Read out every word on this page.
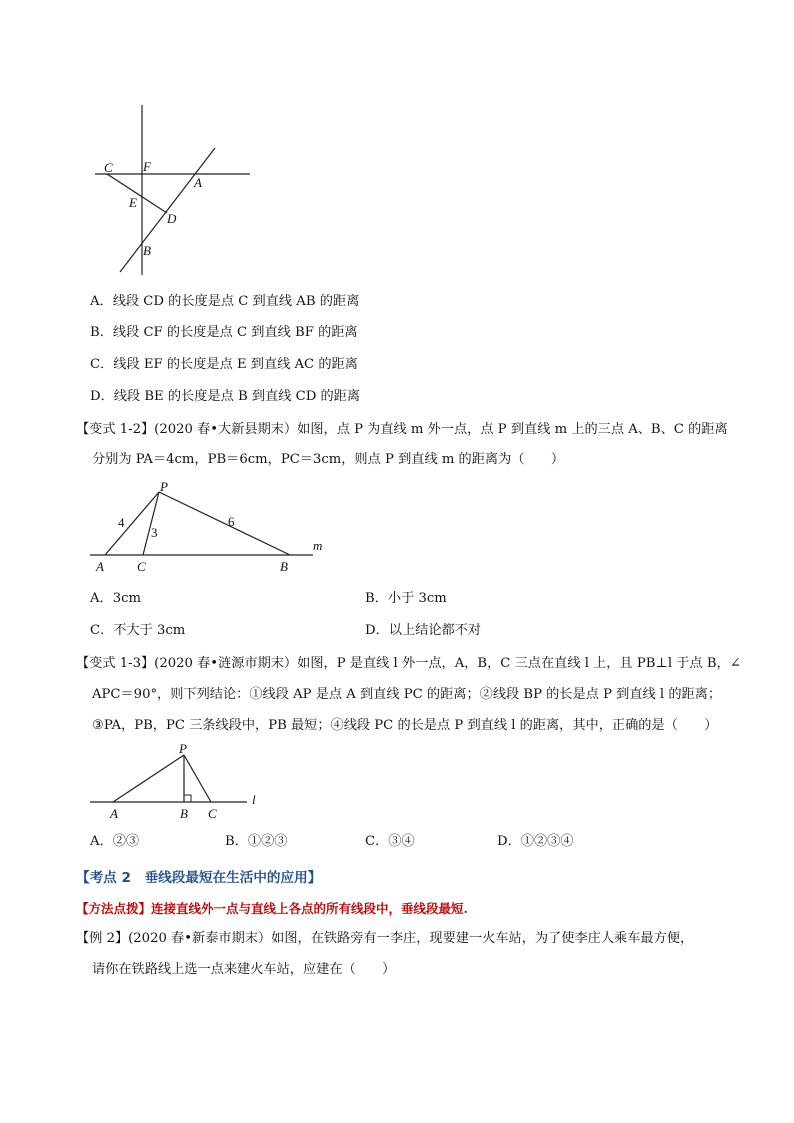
C F
A
E
D
B
A．线段 CD 的长度是点 C 到直线 AB 的距离
B．线段 CF 的长度是点 C 到直线 BF 的距离
C．线段 EF 的长度是点 E 到直线 AC 的距离
D．线段 BE 的长度是点 B 到直线 CD 的距离
【变式 1-2】(2020 春•大新县期末）如图，点 P 为直线 m 外一点，点 P 到直线 m 上的三点 A、B、C 的距离
分别为 PA＝4cm，PB＝6cm，PC＝3cm，则点 P 到直线 m 的距离为（　　）
P
A	C	B
m
4
3
6
A．3cm	B．小于 3cm
C．不大于 3cm	D．以上结论都不对
【变式 1-3】(2020 春•涟源市期末）如图，P 是直线 l 外一点，A，B，C 三点在直线 l 上，且 PB⊥l 于点 B，∠
APC＝90°，则下列结论：①线段 AP 是点 A 到直线 PC 的距离；②线段 BP 的长是点 P 到直线 l 的距离；
③PA，PB，PC 三条线段中，PB 最短；④线段 PC 的长是点 P 到直线 l 的距离，其中，正确的是（　　）
P
A	B C
l
A．②③	B．①②③	C．③④	D．①②③④
【考点 2　垂线段最短在生活中的应用】
【方法点拨】连接直线外一点与直线上各点的所有线段中，垂线段最短.
【例 2】(2020 春•新泰市期末）如图，在铁路旁有一李庄，现要建一火车站，为了使李庄人乘车最方便，
请你在铁路线上选一点来建火车站，应建在（　　）
